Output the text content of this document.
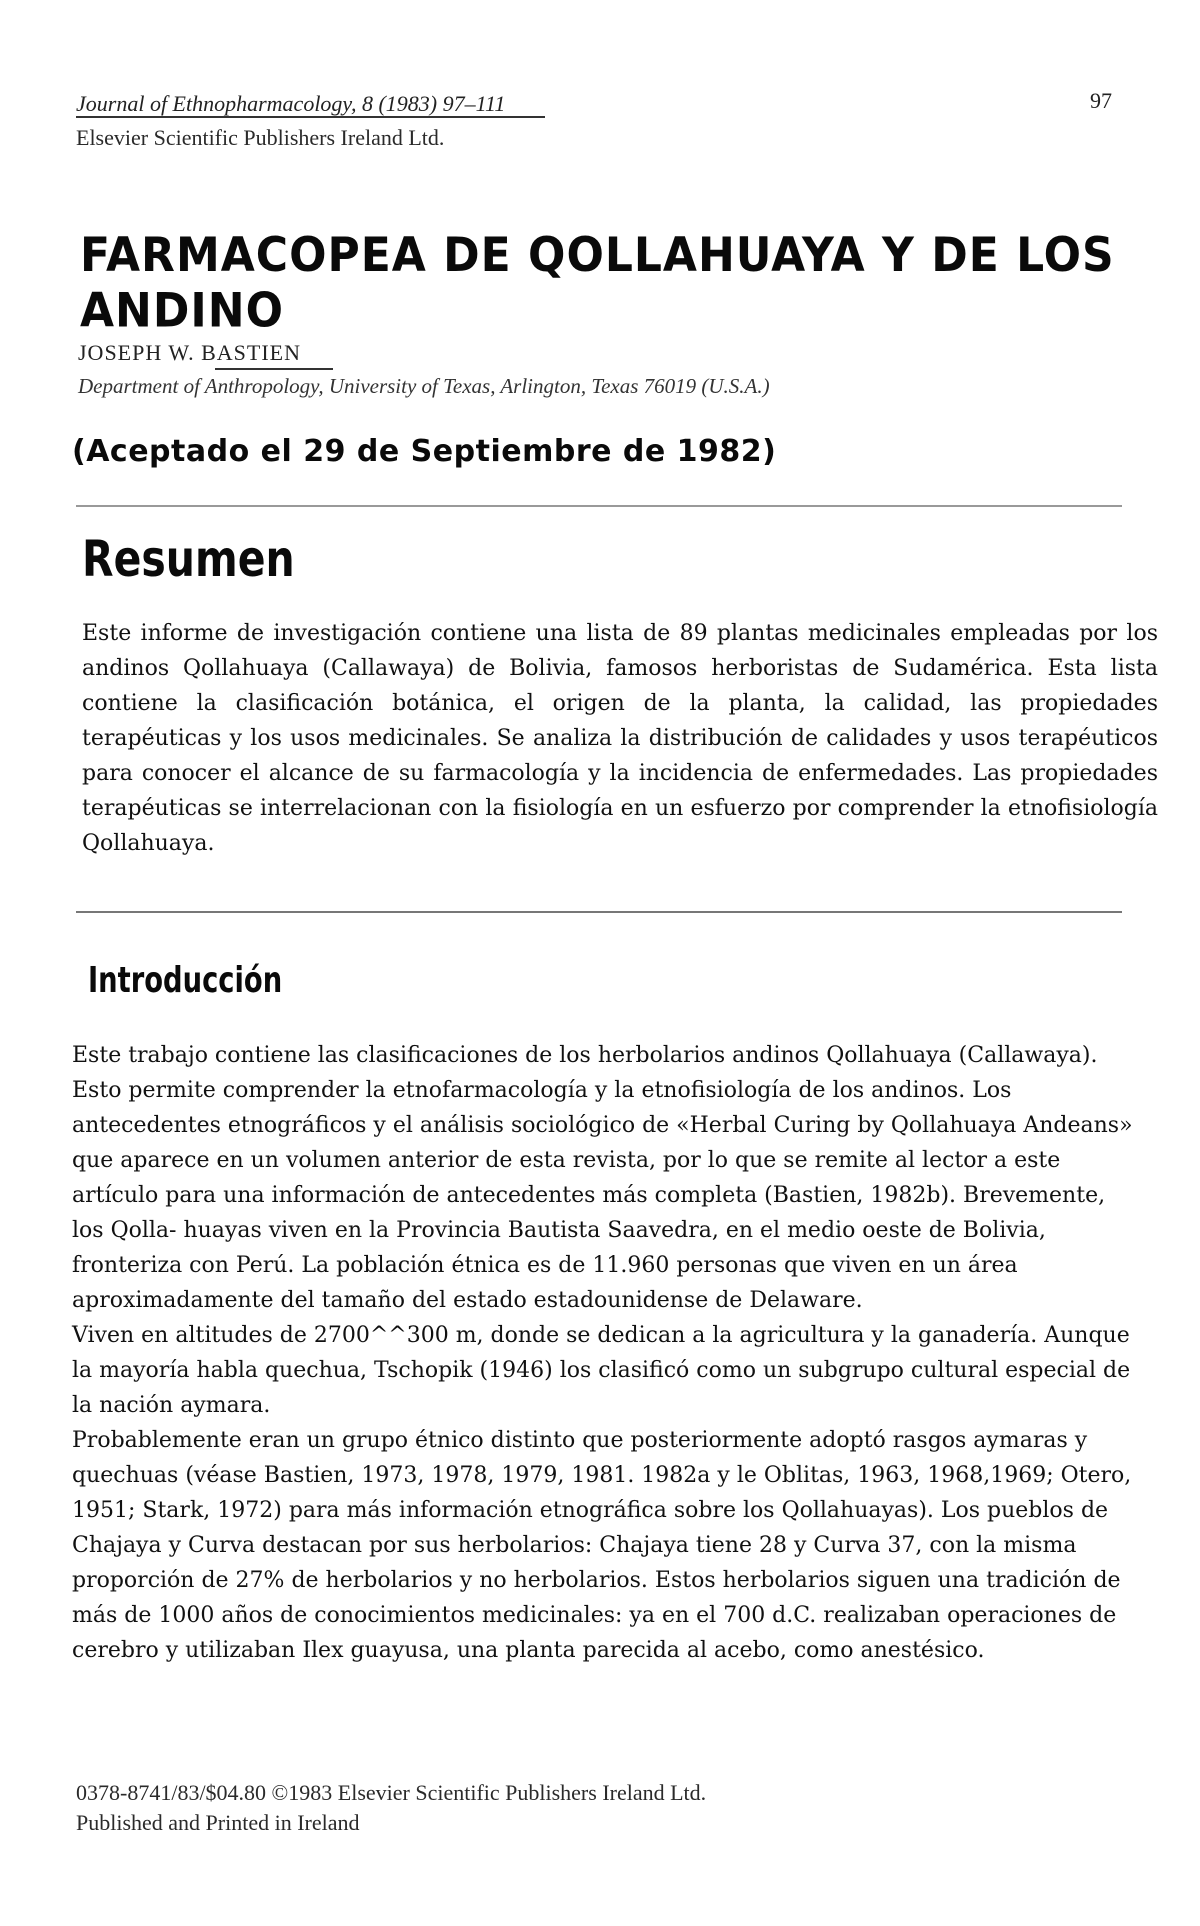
Journal of Ethnopharmacology, 8 (1983) 97–111
Elsevier Scientific Publishers Ireland Ltd.
97
FARMACOPEA DE QOLLAHUAYA Y DE LOS ANDINO
JOSEPH W. BASTIEN
Department of Anthropology, University of Texas, Arlington, Texas 76019 (U.S.A.)
(Aceptado el 29 de Septiembre de 1982)
Resumen
Este informe de investigación contiene una lista de 89 plantas medicinales empleadas por los andinos Qollahuaya (Callawaya) de Bolivia, famosos herboristas de Sudamérica. Esta lista contiene la clasificación botánica, el origen de la planta, la calidad, las propiedades terapéuticas y los usos medicinales. Se analiza la distribución de calidades y usos terapéuticos para conocer el alcance de su farmacología y la incidencia de enfermedades. Las propiedades terapéuticas se interrelacionan con la fisiología en un esfuerzo por comprender la etnofisiología Qollahuaya.
Introducción

Este trabajo contiene las clasificaciones de los herbolarios andinos Qollahuaya (Callawaya). Esto permite comprender la etnofarmacología y la etnofisiología de los andinos. Los antecedentes etnográficos y el análisis sociológico de «Herbal Curing by Qollahuaya Andeans» que aparece en un volumen anterior de esta revista, por lo que se remite al lector a este artículo para una información de antecedentes más completa (Bastien, 1982b). Brevemente, los Qolla- huayas viven en la Provincia Bautista Saavedra, en el medio oeste de Bolivia, fronteriza con Perú. La población étnica es de 11.960 personas que viven en un área aproximadamente del tamaño del estado estadounidense de Delaware.

Viven en altitudes de 2700^^300 m, donde se dedican a la agricultura y la ganadería. Aunque la mayoría habla quechua, Tschopik (1946) los clasificó como un subgrupo cultural especial de la nación aymara.

Probablemente eran un grupo étnico distinto que posteriormente adoptó rasgos aymaras y quechuas (véase Bastien, 1973, 1978, 1979, 1981. 1982a y le Oblitas, 1963, 1968,1969; Otero, 1951; Stark, 1972) para más información etnográfica sobre los Qollahuayas). Los pueblos de Chajaya y Curva destacan por sus herbolarios: Chajaya tiene 28 y Curva 37, con la misma proporción de 27% de herbolarios y no herbolarios. Estos herbolarios siguen una tradición de más de 1000 años de conocimientos medicinales: ya en el 700 d.C. realizaban operaciones de cerebro y utilizaban Ilex guayusa, una planta parecida al acebo, como anestésico.

0378-8741/83/$04.80 ©1983 Elsevier Scientific Publishers Ireland Ltd.
Published and Printed in Ireland
